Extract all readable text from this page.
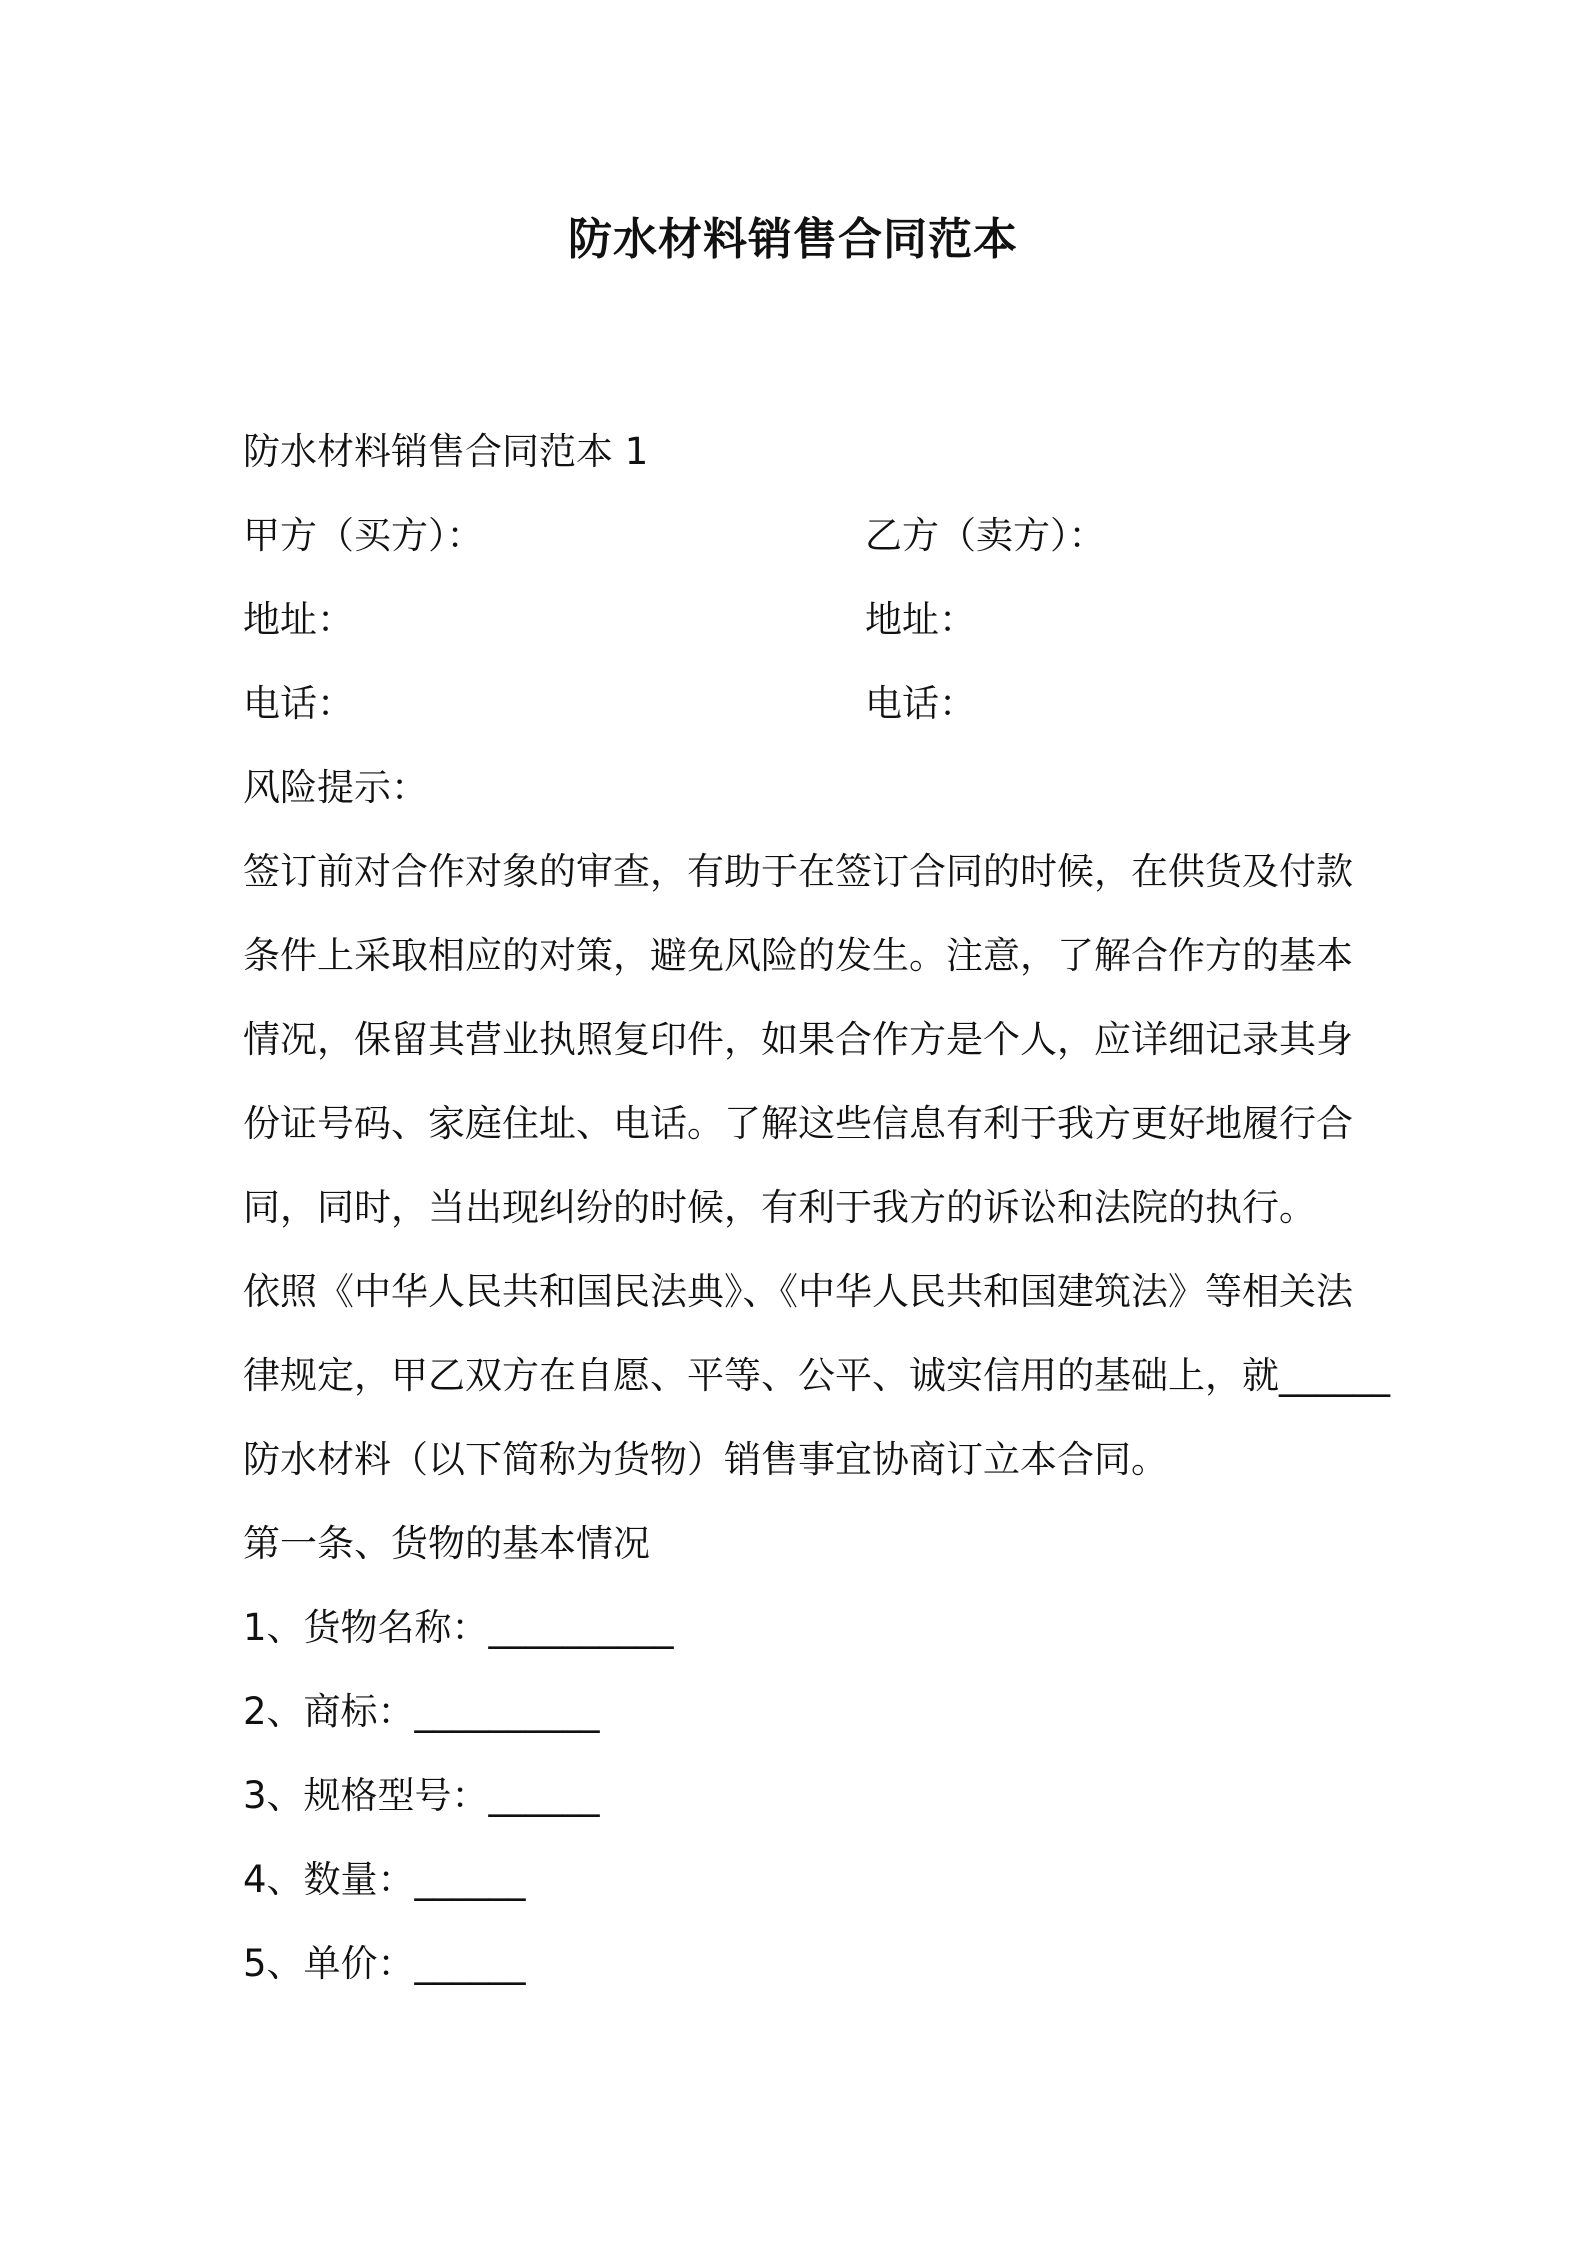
防水材料销售合同范本
防水材料销售合同范本 1
甲方（买方）：	乙方（卖方）：
地址：	地址：
电话：	电话：
风险提示：
签订前对合作对象的审查，有助于在签订合同的时候，在供货及付款
条件上采取相应的对策，避免风险的发生。注意，了解合作方的基本
情况，保留其营业执照复印件，如果合作方是个人，应详细记录其身
份证号码、家庭住址、电话。了解这些信息有利于我方更好地履行合
同，同时，当出现纠纷的时候，有利于我方的诉讼和法院的执行。
依照《中华人民共和国民法典》、《中华人民共和国建筑法》等相关法
律规定，甲乙双方在自愿、平等、公平、诚实信用的基础上，就______
防水材料（以下简称为货物）销售事宜协商订立本合同。
第一条、货物的基本情况
1、货物名称：__________
2、商标：__________
3、规格型号：______
4、数量：______
5、单价：______
